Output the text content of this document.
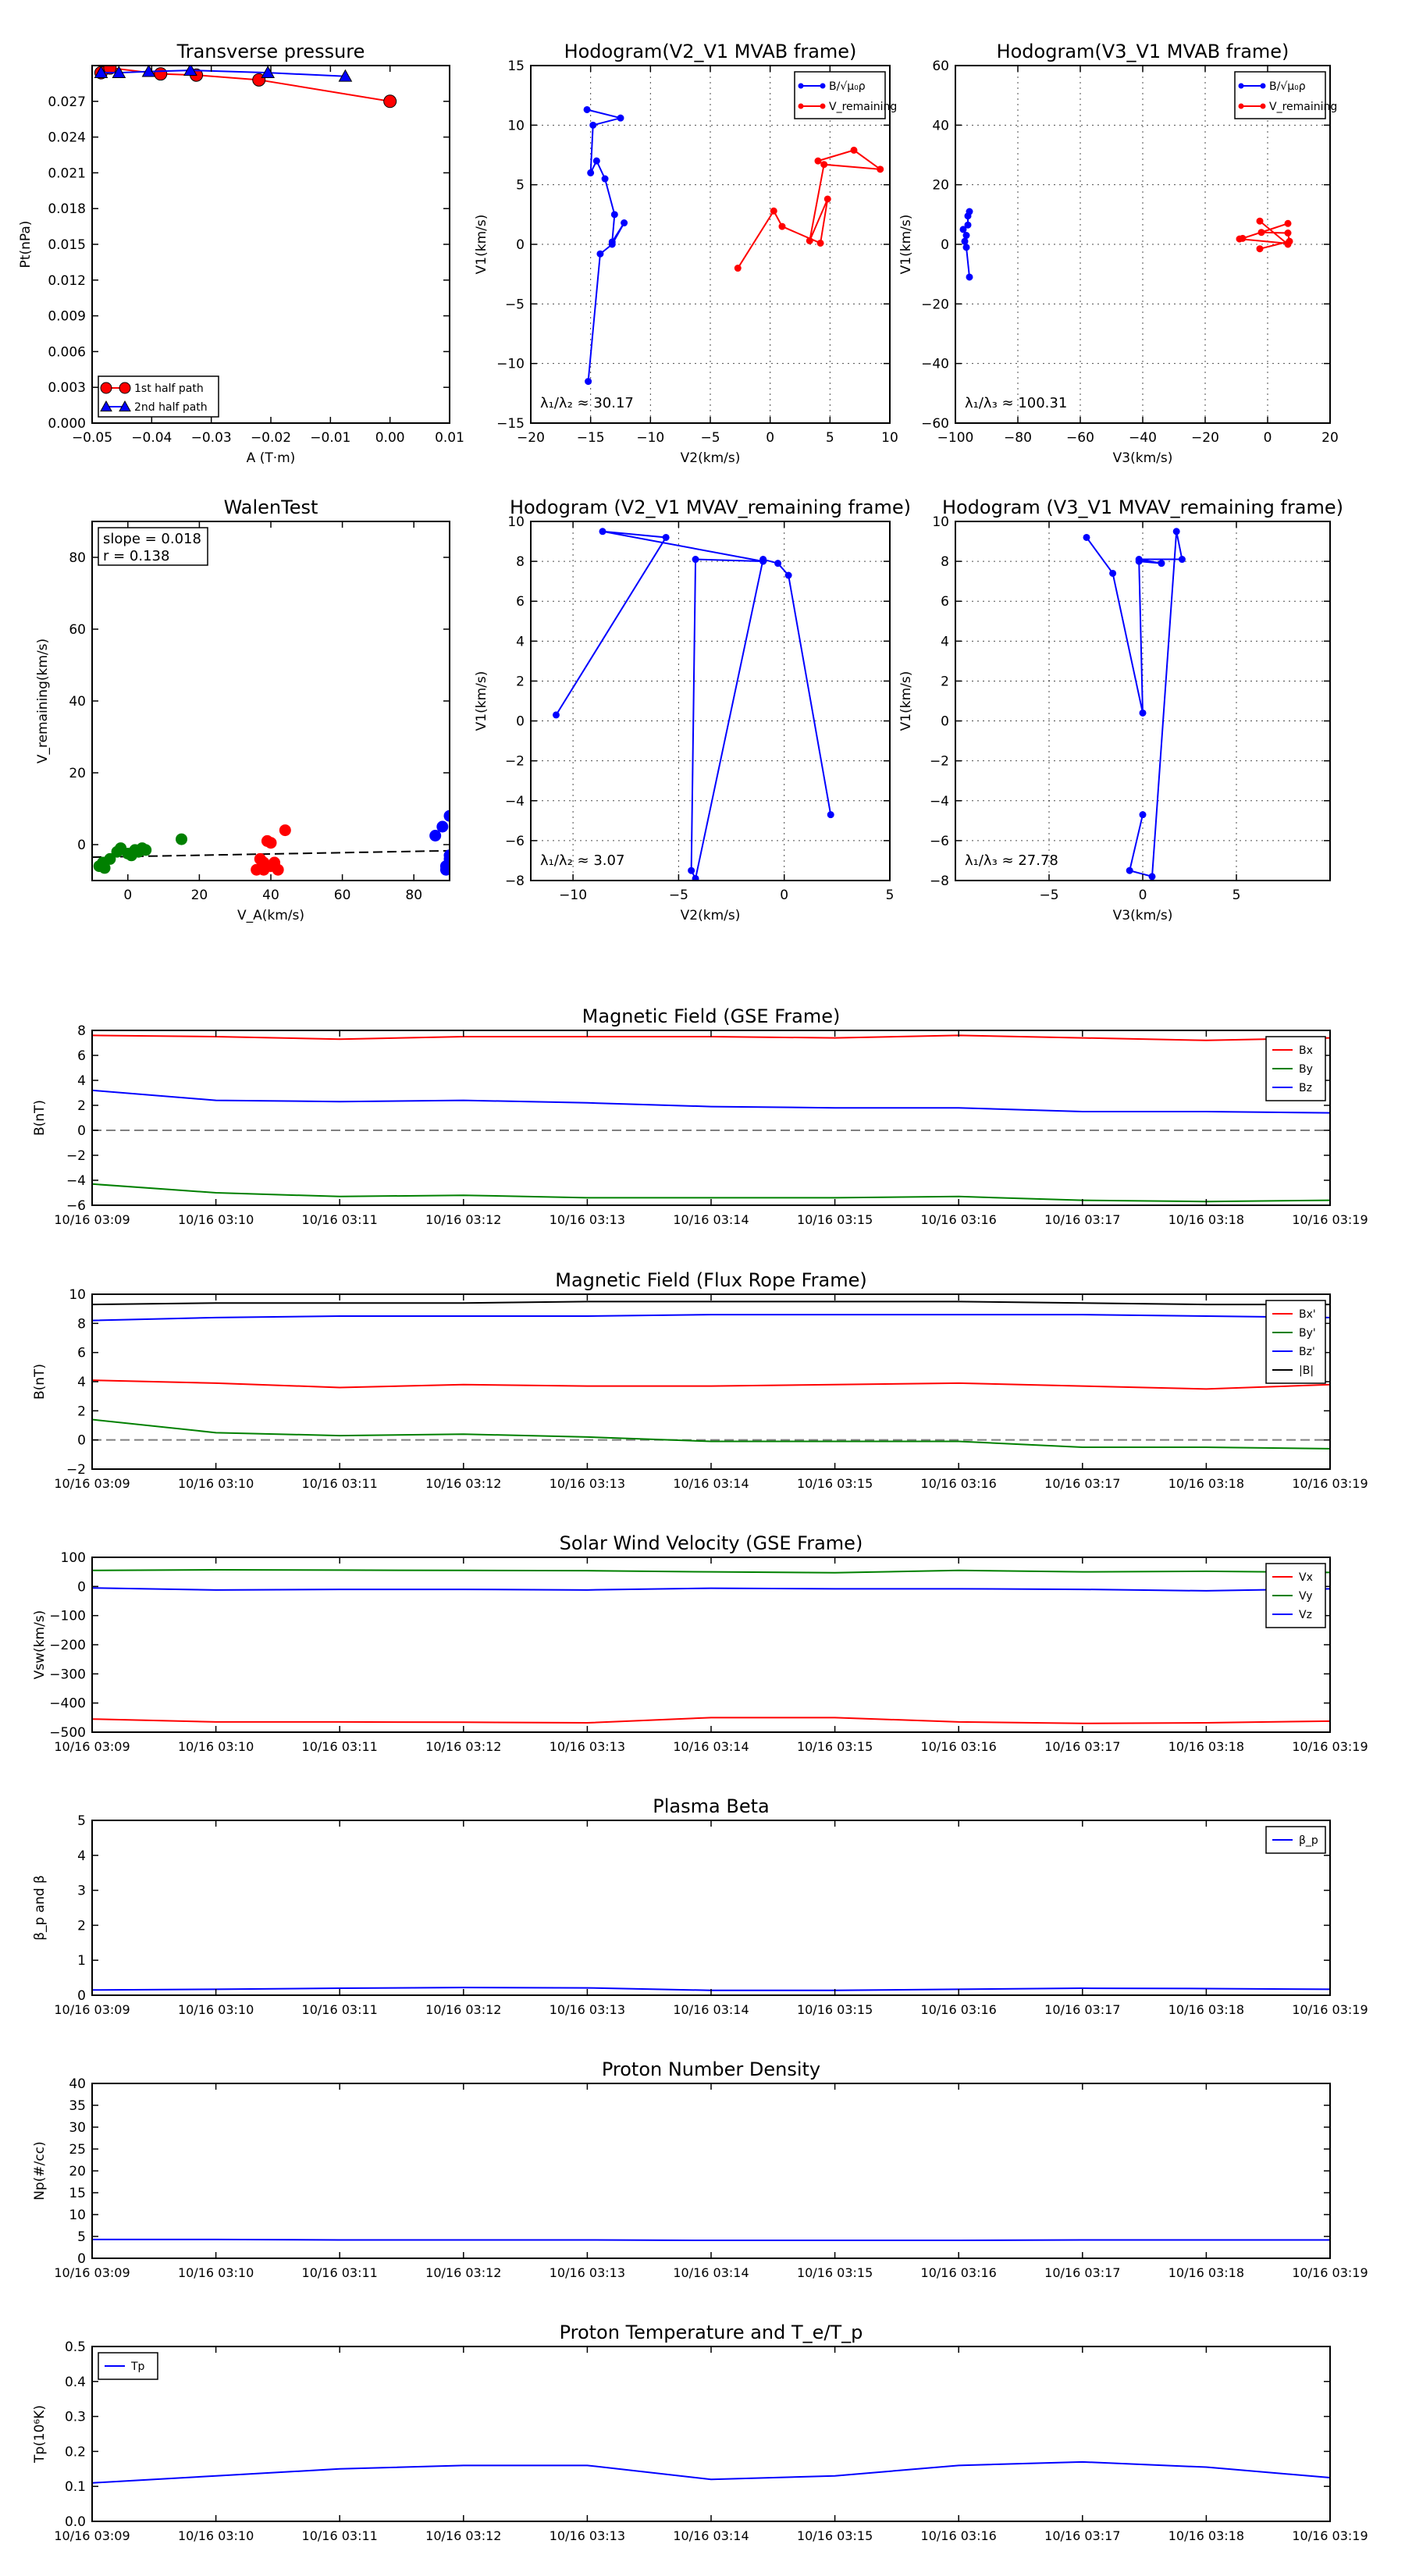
Transverse pressure
−0.05 −0.04 −0.03 −0.02 −0.01 0.00 0.01
0.000
0.003
0.006
0.009
0.012
0.015
0.018
0.021
0.024
0.027
A (T·m)
Pt(nPa)
1st half path
2nd half path
Hodogram(V2_V1 MVAB frame)
−20 −15 −10	−5	0	5	10
−15
−10
−5
0
5
10
15
V2(km/s)
V1(km/s)
λ₁/λ₂ ≈ 30.17
B/√μ₀ρ
V_remaining
Hodogram(V3_V1 MVAB frame)
−100 −80	−60	−40	−20	0	20
−60
−40
−20
0
20
40
60
V3(km/s)
V1(km/s)
λ₁/λ₃ ≈ 100.31
B/√μ₀ρ
V_remaining
WalenTest
0	20	40	60	80
0
20
40
60
80
V_A(km/s)
V_remaining(km/s)
slope = 0.018
r = 0.138
Hodogram (V2_V1 MVAV_remaining frame)
−10	−5	0	5
−8
−6
−4
−2
0
2
4
6
8
10
V2(km/s)
V1(km/s)
λ₁/λ₂ ≈ 3.07
Hodogram (V3_V1 MVAV_remaining frame)
−5	0	5
−8
−6
−4
−2
0
2
4
6
8
10
V3(km/s)
V1(km/s)
λ₁/λ₃ ≈ 27.78
Magnetic Field (GSE Frame)
10/16 03:09	10/16 03:10	10/16 03:11	10/16 03:12	10/16 03:13	10/16 03:14	10/16 03:15	10/16 03:16	10/16 03:17	10/16 03:18	10/16 03:19
−6
−4
−2
0
2
4
6
8
B(nT)
Bx
By
Bz
Magnetic Field (Flux Rope Frame)
10/16 03:09	10/16 03:10	10/16 03:11	10/16 03:12	10/16 03:13	10/16 03:14	10/16 03:15	10/16 03:16	10/16 03:17	10/16 03:18	10/16 03:19
−2
0
2
4
6
8
10
B(nT)
Bx'
By'
Bz'
|B|
Solar Wind Velocity (GSE Frame)
10/16 03:09	10/16 03:10	10/16 03:11	10/16 03:12	10/16 03:13	10/16 03:14	10/16 03:15	10/16 03:16	10/16 03:17	10/16 03:18	10/16 03:19
−500
−400
−300
−200
−100
0
100
Vsw(km/s)
Vx
Vy
Vz
Plasma Beta
10/16 03:09	10/16 03:10	10/16 03:11	10/16 03:12	10/16 03:13	10/16 03:14	10/16 03:15	10/16 03:16	10/16 03:17	10/16 03:18	10/16 03:19
0
1
2
3
4
5
β_p and β
β_p
Proton Number Density
10/16 03:09	10/16 03:10	10/16 03:11	10/16 03:12	10/16 03:13	10/16 03:14	10/16 03:15	10/16 03:16	10/16 03:17	10/16 03:18	10/16 03:19
0
5
10
15
20
25
30
35
40
Np(#/cc)
Proton Temperature and T_e/T_p
10/16 03:09	10/16 03:10	10/16 03:11	10/16 03:12	10/16 03:13	10/16 03:14	10/16 03:15	10/16 03:16	10/16 03:17	10/16 03:18	10/16 03:19
0.0
0.1
0.2
0.3
0.4
0.5
Tp(10⁶K)
Tp
